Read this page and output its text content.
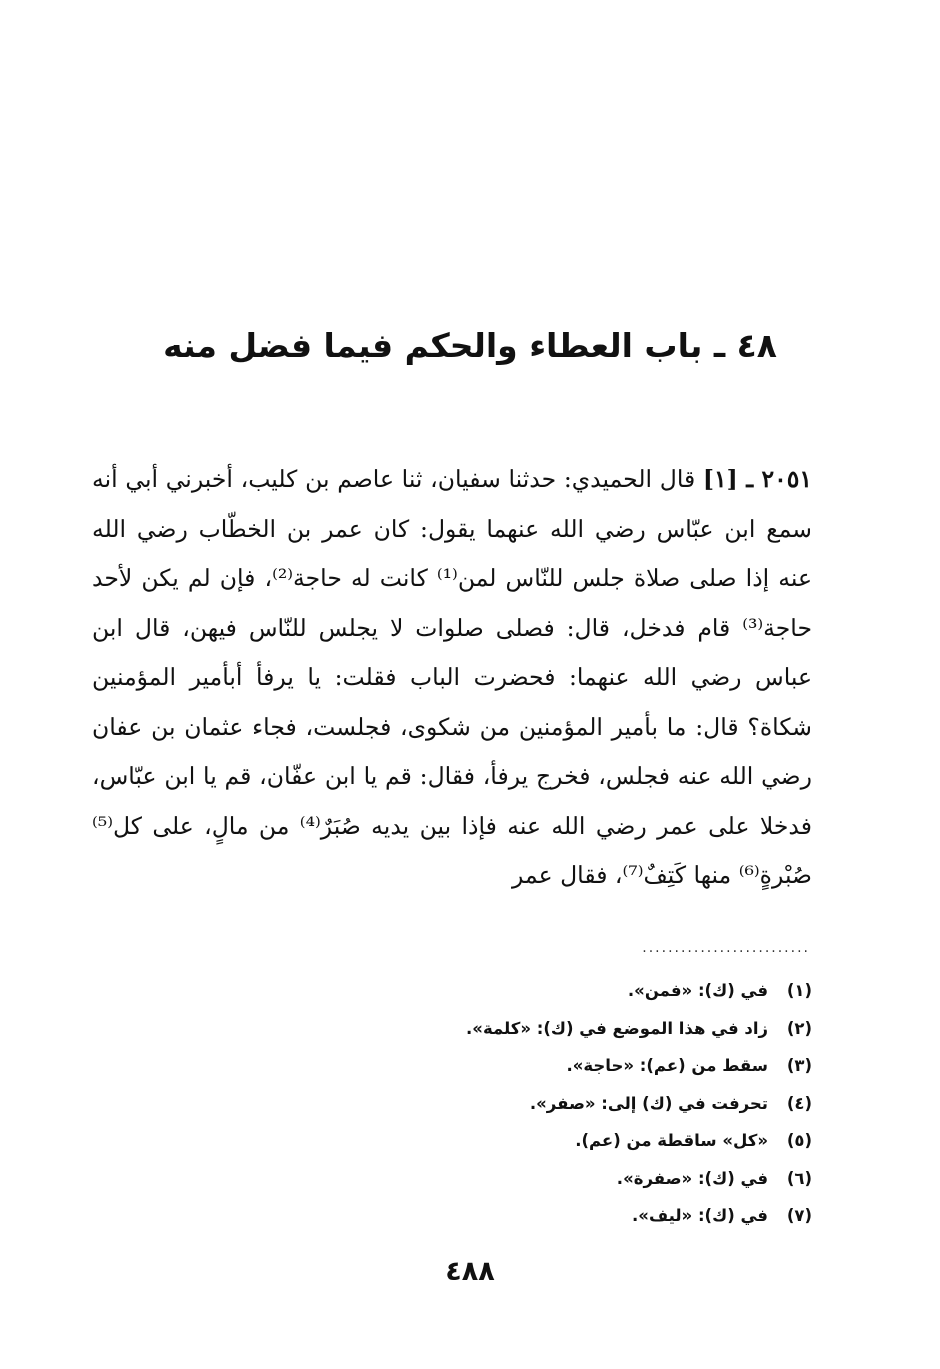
٤٨ ـ باب العطاء والحكم فيما فضل منه

٢٠٥١ ـ [١] قال الحميدي: حدثنا سفيان، ثنا عاصم بن كليب، أخبرني أبي أنه سمع ابن عبّاس رضي الله عنهما يقول: كان عمر بن الخطّاب رضي الله عنه إذا صلى صلاة جلس للنّاس لمن⁽¹⁾ كانت له حاجة⁽²⁾، فإن لم يكن لأحد حاجة⁽³⁾ قام فدخل، قال: فصلى صلوات لا يجلس للنّاس فيهن، قال ابن عباس رضي الله عنهما: فحضرت الباب فقلت: يا يرفأ أبأمير المؤمنين شكاة؟ قال: ما بأمير المؤمنين من شكوى، فجلست، فجاء عثمان بن عفان رضي الله عنه فجلس، فخرج يرفأ، فقال: قم يا ابن عفّان، قم يا ابن عبّاس، فدخلا على عمر رضي الله عنه فإذا بين يديه صُبَرٌ⁽⁴⁾ من مالٍ، على كل⁽⁵⁾ صُبْرةٍ⁽⁶⁾ منها كَتِفٌ⁽⁷⁾، فقال عمر

..........................
(١)في (ك): «فمن».
(٢)زاد في هذا الموضع في (ك): «كلمة».
(٣)سقط من (عم): «حاجة».
(٤)تحرفت في (ك) إلى: «صفر».
(٥)«كل» ساقطة من (عم).
(٦)في (ك): «صفرة».
(٧)في (ك): «ليف».
٤٨٨
